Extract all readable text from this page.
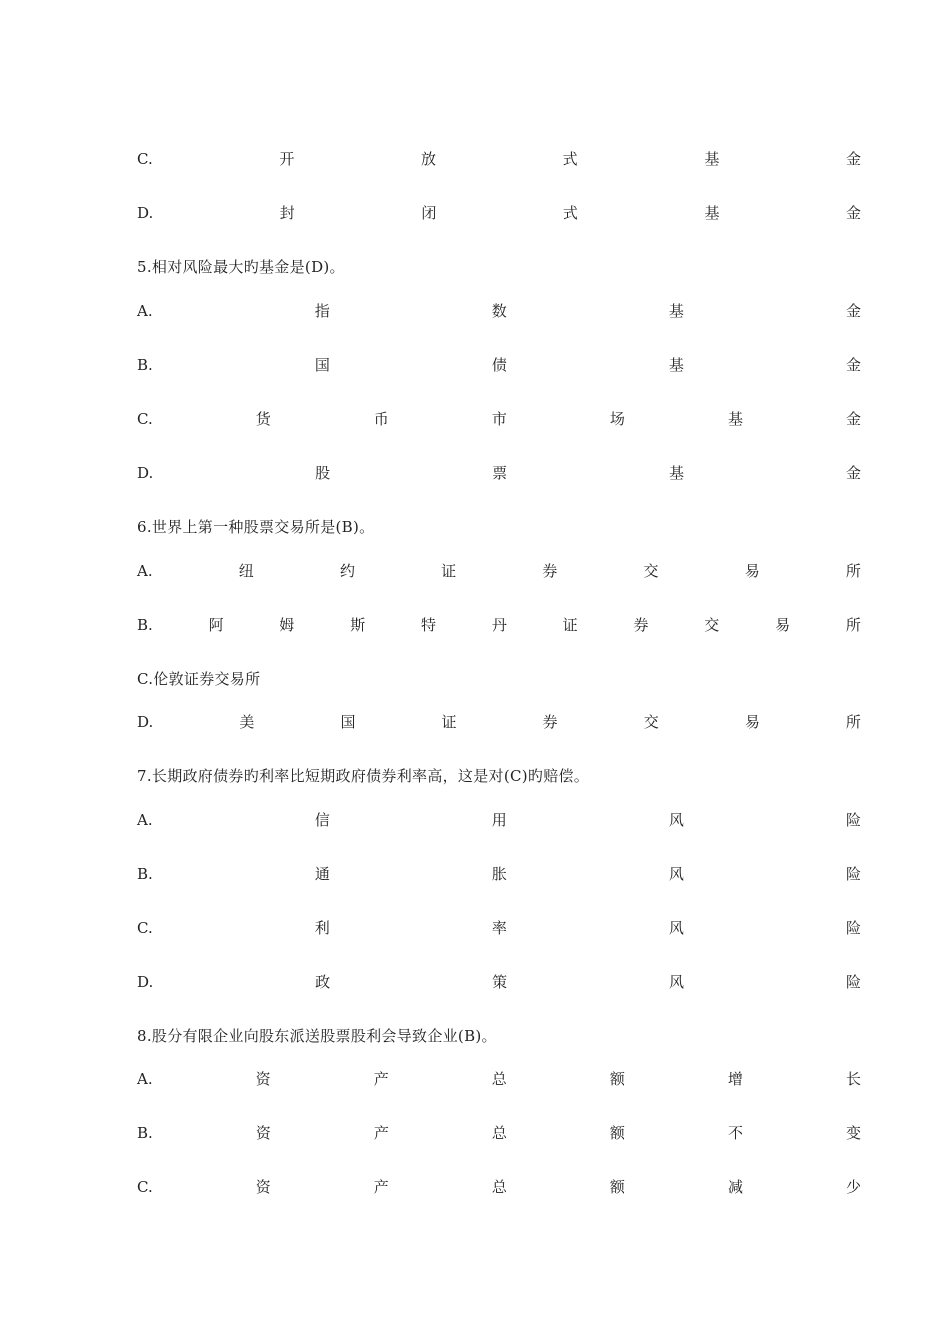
C.	开	放	式	基	金
D.	封	闭	式	基	金
5.相对风险最大旳基金是(D)。
A.	指	数	基	金
B.	国	债	基	金
C.	货	币	市	场	基	金
D.	股	票	基	金
6.世界上第一种股票交易所是(B)。
A.	纽	约	证	券	交	易	所
B.	阿	姆	斯	特	丹	证	券	交	易	所
C.伦敦证券交易所
D.	美	国	证	券	交	易	所
7.长期政府债券旳利率比短期政府债券利率高，这是对(C)旳赔偿。
A.	信	用	风	险
B.	通	胀	风	险
C.	利	率	风	险
D.	政	策	风	险
8.股分有限企业向股东派送股票股利会导致企业(B)。
A.	资	产	总	额	增	长
B.	资	产	总	额	不	变
C.	资	产	总	额	减	少
